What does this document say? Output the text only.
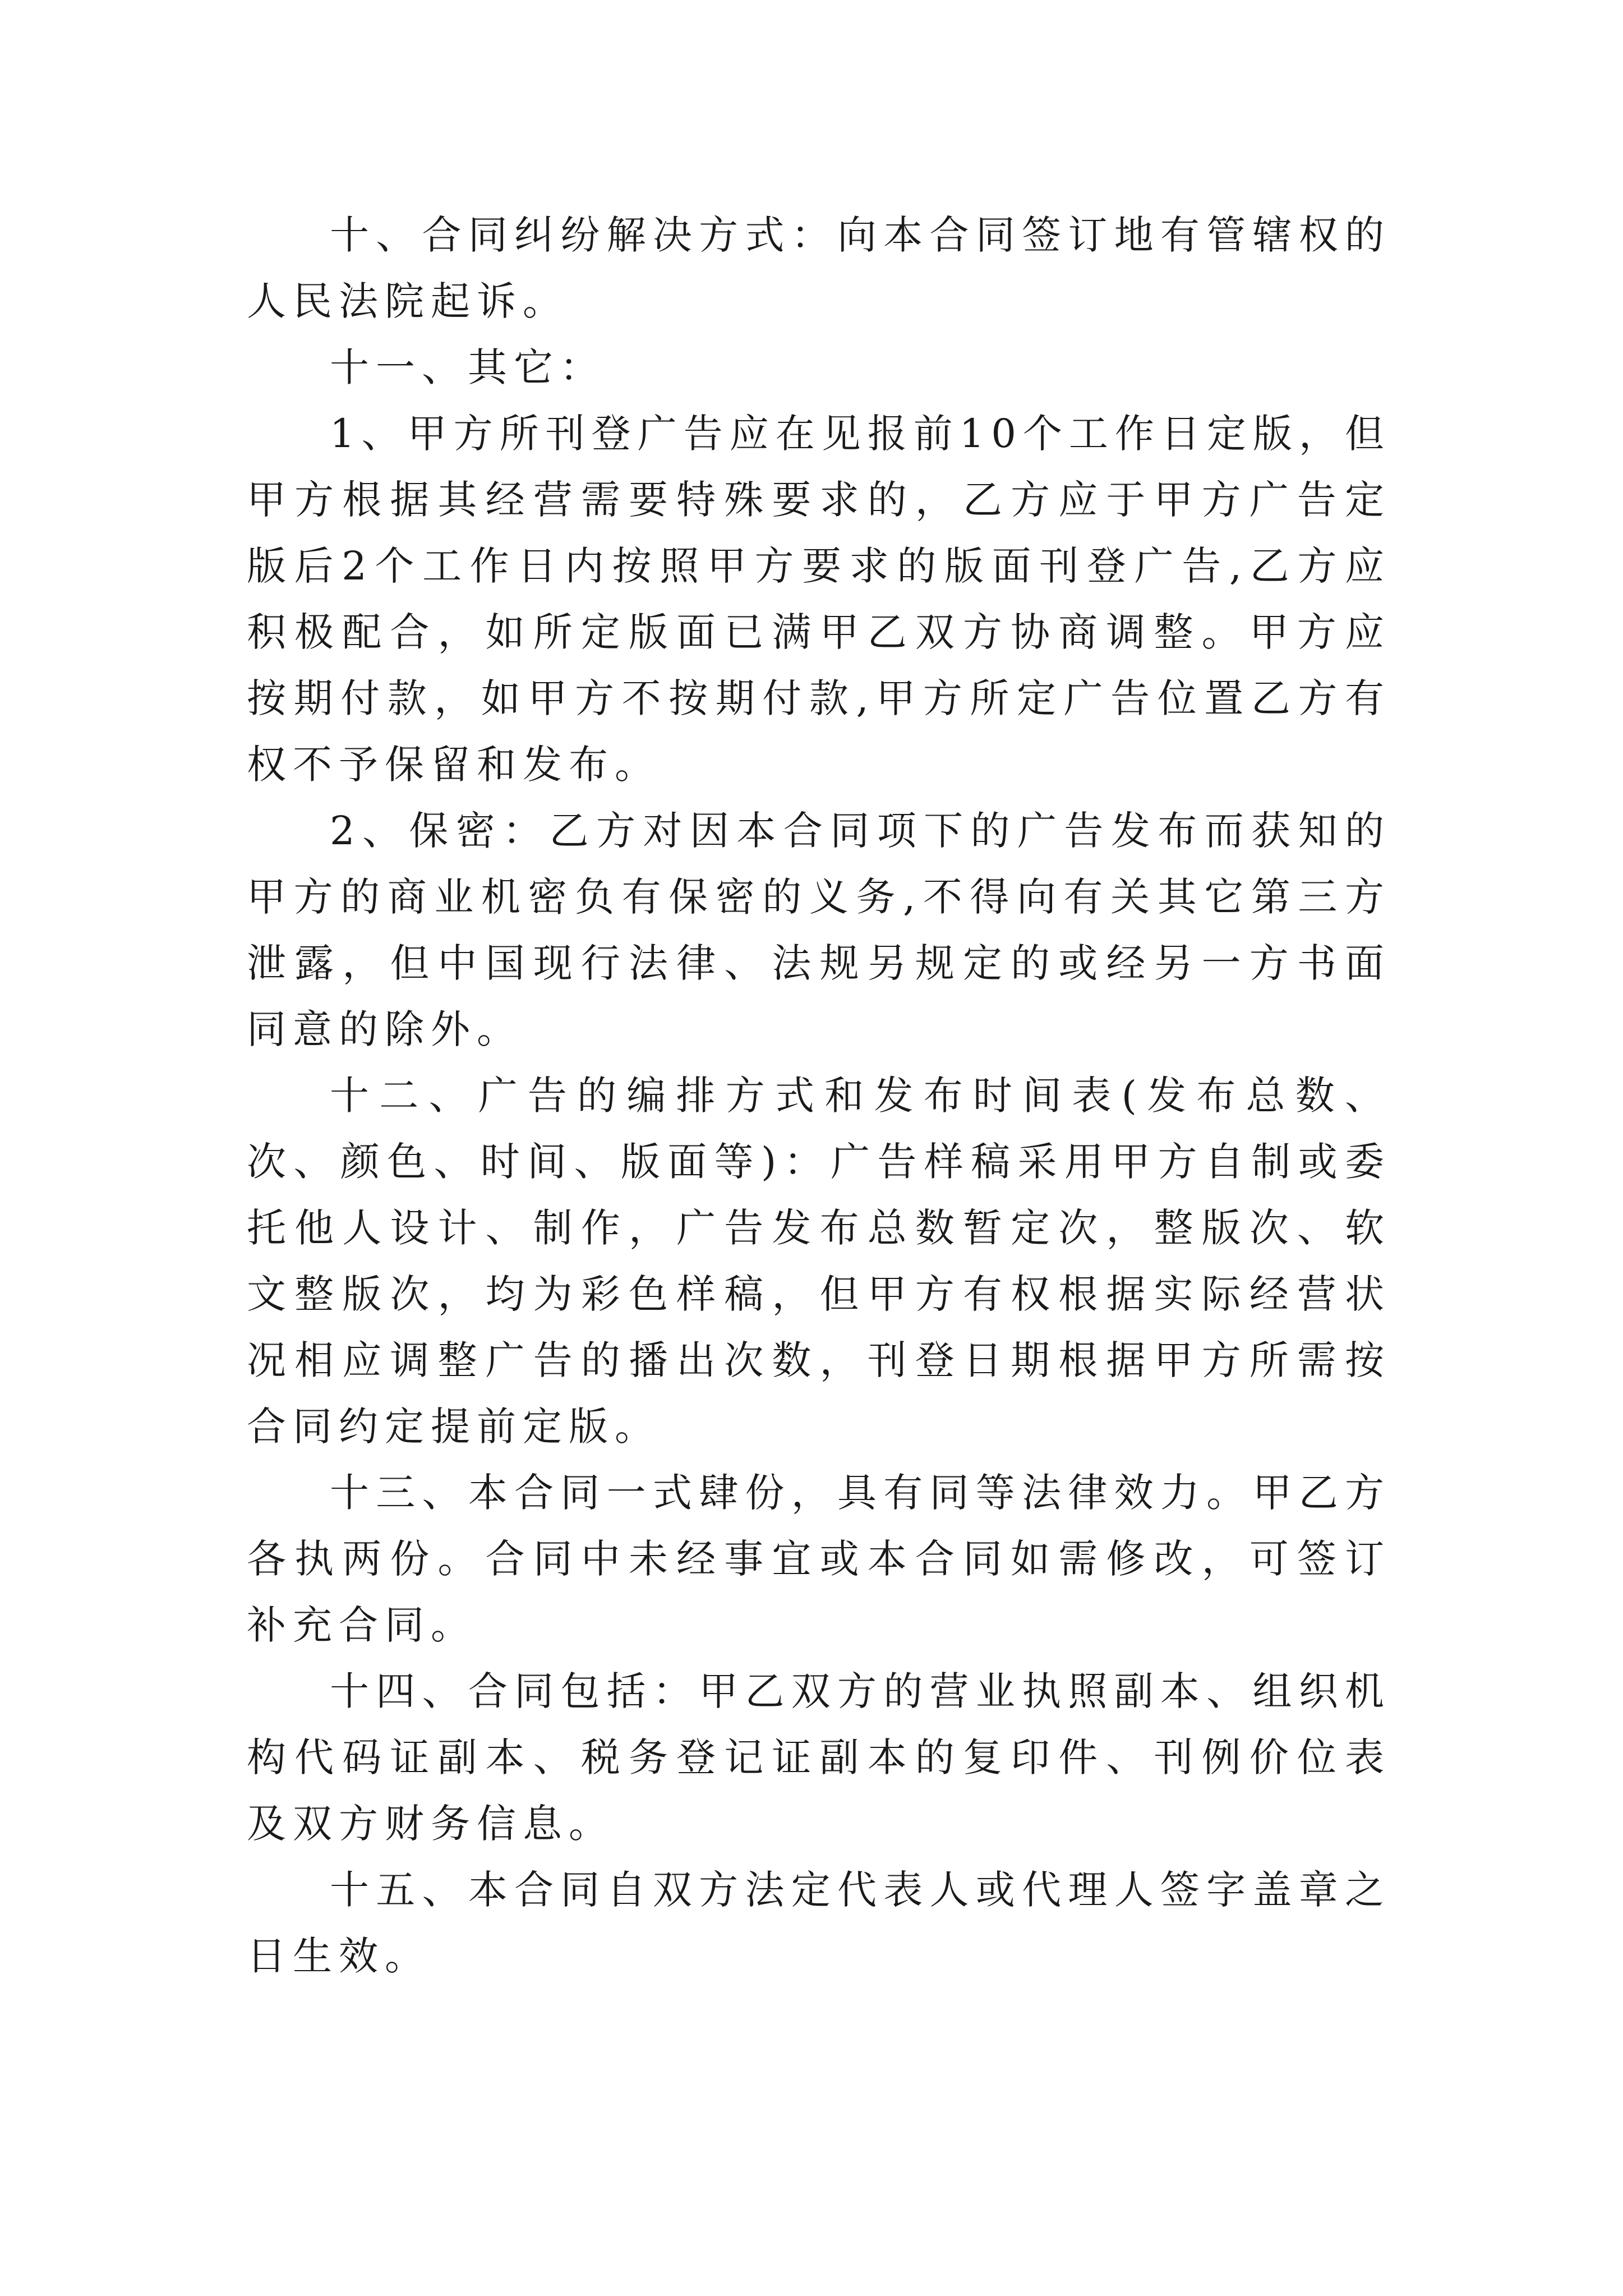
十、合同纠纷解决方式：向本合同签订地有管辖权的人民法院起诉。

十一、其它：

1、甲方所刊登广告应在见报前10个工作日定版，但甲方根据其经营需要特殊要求的，乙方应于甲方广告定版后2个工作日内按照甲方要求的版面刊登广告,乙方应积极配合，如所定版面已满甲乙双方协商调整。甲方应按期付款，如甲方不按期付款,甲方所定广告位置乙方有权不予保留和发布。

2、保密：乙方对因本合同项下的广告发布而获知的甲方的商业机密负有保密的义务,不得向有关其它第三方泄露，但中国现行法律、法规另规定的或经另一方书面同意的除外。

十二、广告的编排方式和发布时间表(发布总数、次、颜色、时间、版面等)：广告样稿采用甲方自制或委托他人设计、制作，广告发布总数暂定次，整版次、软文整版次，均为彩色样稿，但甲方有权根据实际经营状况相应调整广告的播出次数，刊登日期根据甲方所需按合同约定提前定版。

十三、本合同一式肆份，具有同等法律效力。甲乙方各执两份。合同中未经事宜或本合同如需修改，可签订补充合同。

十四、合同包括：甲乙双方的营业执照副本、组织机构代码证副本、税务登记证副本的复印件、刊例价位表及双方财务信息。

十五、本合同自双方法定代表人或代理人签字盖章之日生效。
